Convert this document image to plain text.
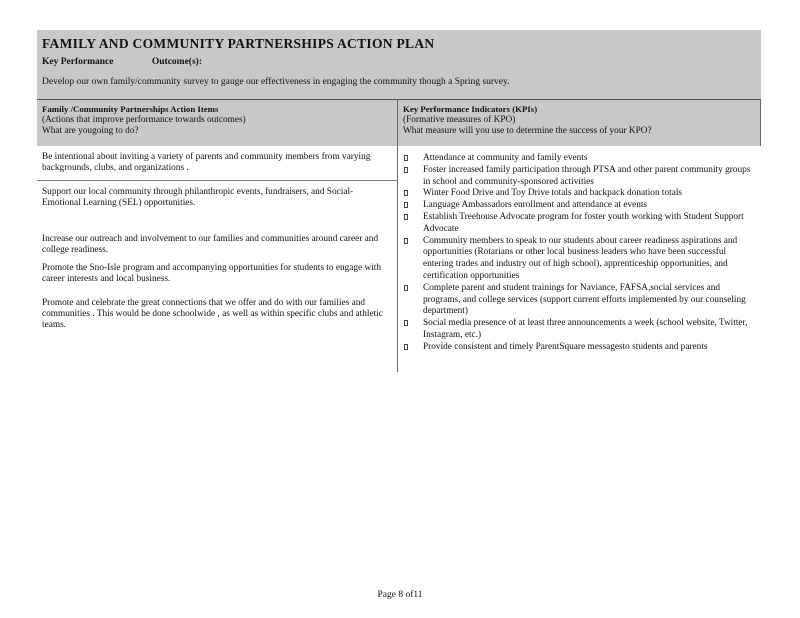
FAMILY AND COMMUNITY PARTNERSHIPS ACTION PLAN
Key Performance	Outcome(s):
Develop our own family/community survey to gauge our effectiveness in engaging the community though a Spring survey.
Family /Community Partnerships Action Items
(Actions that improve performance towards outcomes)
What are yougoing to do?
Key Performance Indicators (KPIs)
(Formative measures of KPO)
What measure will you use to determine the success of your KPO?
Be intentional about inviting a variety of parents and community members from varying backgrounds, clubs, and organizations .
Support our local community through philanthropic events, fundraisers, and Social-Emotional Learning (SEL) opportunities.
Increase our outreach and involvement to our families and communities around career and college readiness.
Promote the Sno-Isle program and accompanying opportunities for students to engage with career interests and local business.
Promote and celebrate the great connections that we offer and do with our families and communities . This would be done schoolwide , as well as within specific clubs and athletic teams.
Attendance at community and family events
Foster increased family participation through PTSA and other parent community groups in school and community-sponsored activities
Winter Food Drive and Toy Drive totals and backpack donation totals
Language Ambassadors enrollment and attendance at events
Establish Treehouse Advocate program for foster youth working with Student Support Advocate
Community members to speak to our students about career readiness aspirations and opportunities (Rotarians or other local business leaders who have been successful entering trades and industry out of high school), apprenticeship opportunities, and certification opportunities
Complete parent and student trainings for Naviance, FAFSA,social services and programs, and college services (support current efforts implemented by our counseling department)
Social media presence of at least three announcements a week (school website, Twitter, Instagram, etc.)
Provide consistent and timely ParentSquare messagesto students and parents
Page 8 of11
